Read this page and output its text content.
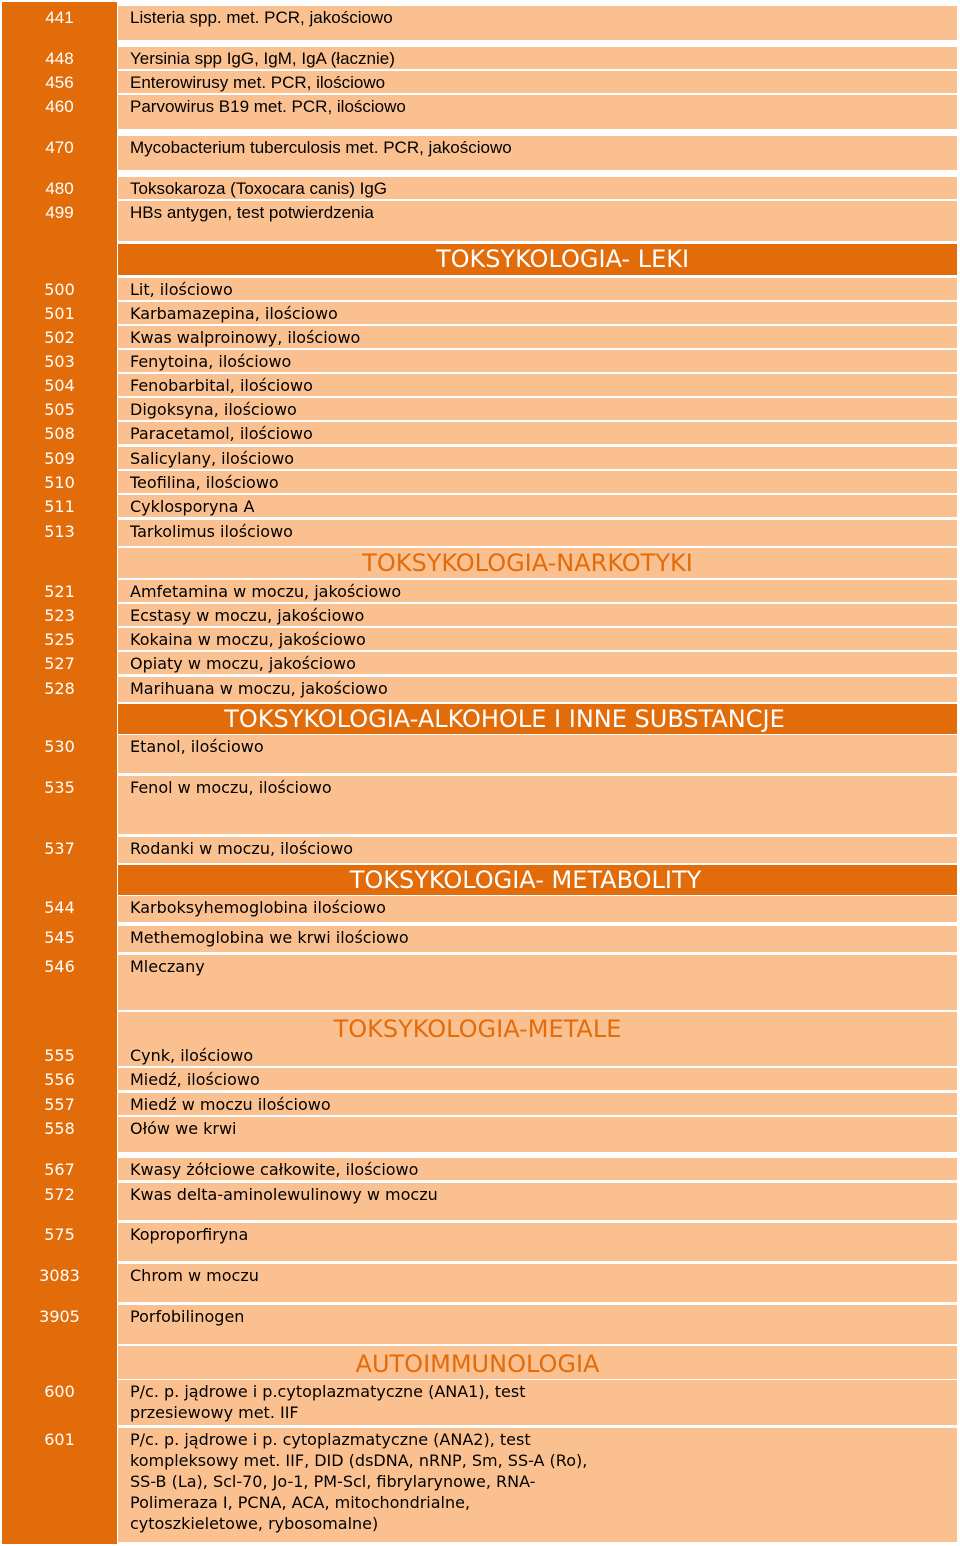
441	Listeria spp. met. PCR, jakościowo
448	Yersinia spp IgG, IgM, IgA (łacznie)
456	Enterowirusy met. PCR, ilościowo
460	Parvowirus B19 met. PCR, ilościowo
470	Mycobacterium tuberculosis met. PCR, jakościowo
480	Toksokaroza (Toxocara canis) IgG
499	HBs antygen, test potwierdzenia
TOKSYKOLOGIA- LEKI
500	Lit, ilościowo
501	Karbamazepina, ilościowo
502	Kwas walproinowy, ilościowo
503	Fenytoina, ilościowo
504	Fenobarbital, ilościowo
505	Digoksyna, ilościowo
508	Paracetamol, ilościowo
509	Salicylany, ilościowo
510	Teofilina, ilościowo
511	Cyklosporyna A
513	Tarkolimus ilościowo
TOKSYKOLOGIA-NARKOTYKI
521	Amfetamina w moczu, jakościowo
523	Ecstasy w moczu, jakościowo
525	Kokaina w moczu, jakościowo
527	Opiaty w moczu, jakościowo
528	Marihuana w moczu, jakościowo
TOKSYKOLOGIA-ALKOHOLE I INNE SUBSTANCJE
530	Etanol, ilościowo
535	Fenol w moczu, ilościowo
537	Rodanki w moczu, ilościowo
TOKSYKOLOGIA- METABOLITY
544	Karboksyhemoglobina ilościowo
545	Methemoglobina we krwi ilościowo
546	Mleczany
TOKSYKOLOGIA-METALE
555	Cynk, ilościowo
556	Miedź, ilościowo
557	Miedź w moczu ilościowo
558	Ołów we krwi
567	Kwasy żółciowe całkowite, ilościowo
572	Kwas delta-aminolewulinowy w moczu
575	Koproporfiryna
3083	Chrom w moczu
3905	Porfobilinogen
AUTOIMMUNOLOGIA
600	P/c. p. jądrowe i p.cytoplazmatyczne (ANA1), test przesiewowy met. IIF
601	P/c. p. jądrowe i p. cytoplazmatyczne (ANA2), test kompleksowy met. IIF, DID (dsDNA, nRNP, Sm, SS-A (Ro), SS-B (La), Scl-70, Jo-1, PM-Scl, fibrylarynowe, RNA-Polimeraza I, PCNA, ACA, mitochondrialne, cytoszkieletowe, rybosomalne)
